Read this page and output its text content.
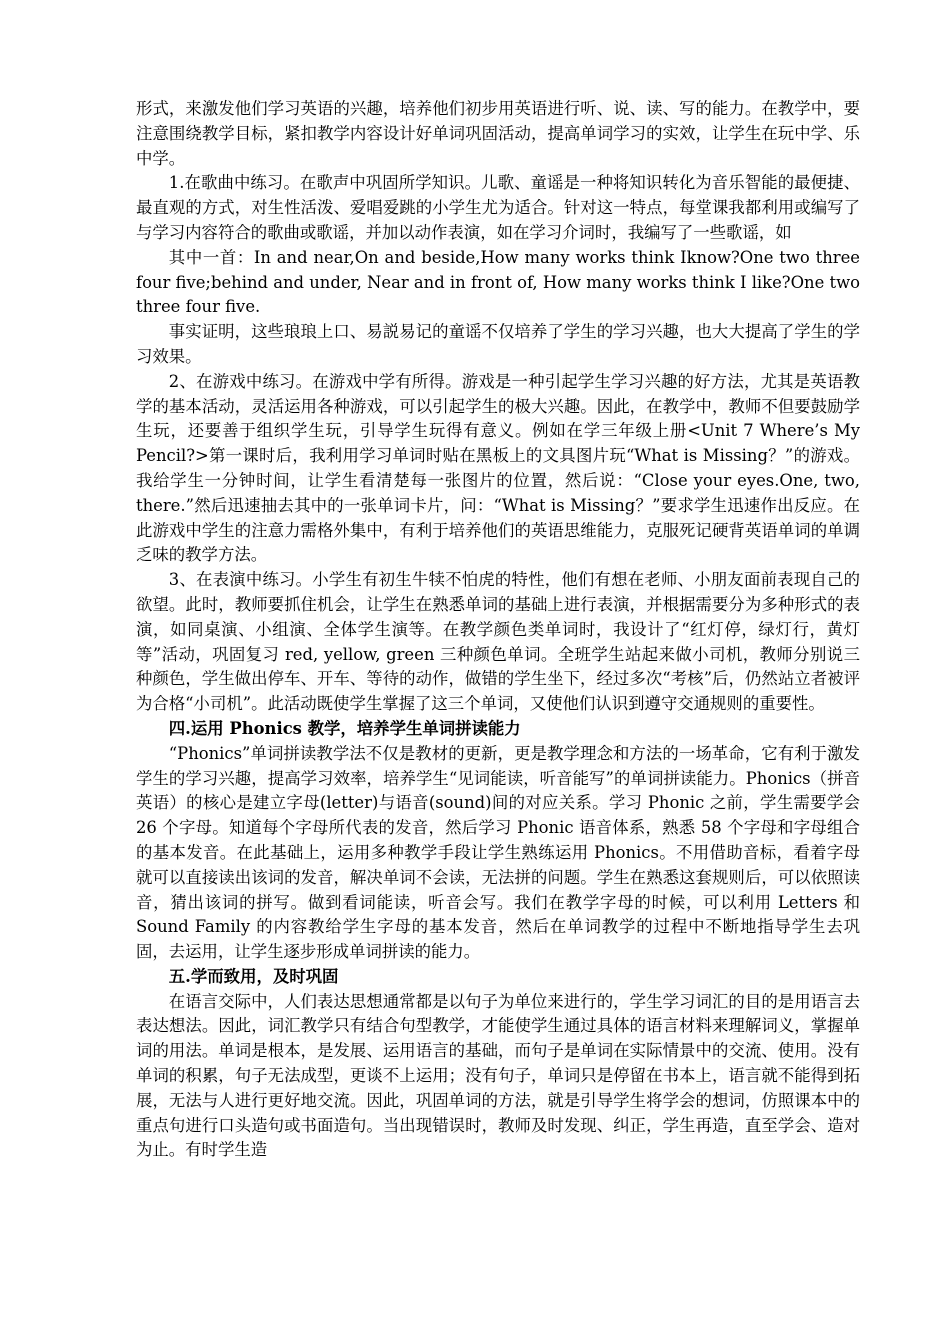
形式，来激发他们学习英语的兴趣，培养他们初步用英语进行听、说、读、写的能力。在教学中，要注意围绕教学目标，紧扣教学内容设计好单词巩固活动，提高单词学习的实效，让学生在玩中学、乐中学。

1.在歌曲中练习。在歌声中巩固所学知识。儿歌、童谣是一种将知识转化为音乐智能的最便捷、最直观的方式，对生性活泼、爱唱爱跳的小学生尤为适合。针对这一特点，每堂课我都利用或编写了与学习内容符合的歌曲或歌谣，并加以动作表演，如在学习介词时，我编写了一些歌谣，如

其中一首：In and near,On and beside,How many works think Iknow?One two three four five;behind and under, Near and in front of, How many works think I like?One two three four five.

事实证明，这些琅琅上口、易説易记的童谣不仅培养了学生的学习兴趣，也大大提高了学生的学习效果。

2、在游戏中练习。在游戏中学有所得。游戏是一种引起学生学习兴趣的好方法，尤其是英语教学的基本活动，灵活运用各种游戏，可以引起学生的极大兴趣。因此，在教学中，教师不但要鼓励学生玩，还要善于组织学生玩，引导学生玩得有意义。例如在学三年级上册<Unit 7 Where’s My Pencil?>第一课时后，我利用学习单词时贴在黑板上的文具图片玩“What is Missing？”的游戏。我给学生一分钟时间，让学生看清楚每一张图片的位置，然后说：“Close your eyes.One, two, there.”然后迅速抽去其中的一张单词卡片，问：“What is Missing？”要求学生迅速作出反应。在此游戏中学生的注意力需格外集中，有利于培养他们的英语思维能力，克服死记硬背英语单词的单调乏味的教学方法。

3、在表演中练习。小学生有初生牛犊不怕虎的特性，他们有想在老师、小朋友面前表现自己的欲望。此时，教师要抓住机会，让学生在熟悉单词的基础上进行表演，并根据需要分为多种形式的表演，如同桌演、小组演、全体学生演等。在教学颜色类单词时，我设计了“红灯停，绿灯行，黄灯等”活动，巩固复习 red, yellow, green 三种颜色单词。全班学生站起来做小司机，教师分别说三种颜色，学生做出停车、开车、等待的动作，做错的学生坐下，经过多次“考核”后，仍然站立者被评为合格“小司机”。此活动既使学生掌握了这三个单词，又使他们认识到遵守交通规则的重要性。

四.运用 Phonics 教学，培养学生单词拼读能力

“Phonics”单词拼读教学法不仅是教材的更新，更是教学理念和方法的一场革命，它有利于激发学生的学习兴趣，提高学习效率，培养学生“见词能读，听音能写”的单词拼读能力。Phonics（拼音英语）的核心是建立字母(letter)与语音(sound)间的对应关系。学习 Phonic 之前，学生需要学会 26 个字母。知道每个字母所代表的发音，然后学习 Phonic 语音体系，熟悉 58 个字母和字母组合的基本发音。在此基础上，运用多种教学手段让学生熟练运用 Phonics。不用借助音标，看着字母就可以直接读出该词的发音，解决单词不会读，无法拼的问题。学生在熟悉这套规则后，可以依照读音，猜出该词的拼写。做到看词能读，听音会写。我们在教学字母的时候，可以利用 Letters 和 Sound Family 的内容教给学生字母的基本发音，然后在单词教学的过程中不断地指导学生去巩固，去运用，让学生逐步形成单词拼读的能力。

五.学而致用，及时巩固

在语言交际中，人们表达思想通常都是以句子为单位来进行的，学生学习词汇的目的是用语言去表达想法。因此，词汇教学只有结合句型教学，才能使学生通过具体的语言材料来理解词义，掌握单词的用法。单词是根本，是发展、运用语言的基础，而句子是单词在实际情景中的交流、使用。没有单词的积累，句子无法成型，更谈不上运用；没有句子，单词只是停留在书本上，语言就不能得到拓展，无法与人进行更好地交流。因此，巩固单词的方法，就是引导学生将学会的想词，仿照课本中的重点句进行口头造句或书面造句。当出现错误时，教师及时发现、纠正，学生再造，直至学会、造对为止。有时学生造
